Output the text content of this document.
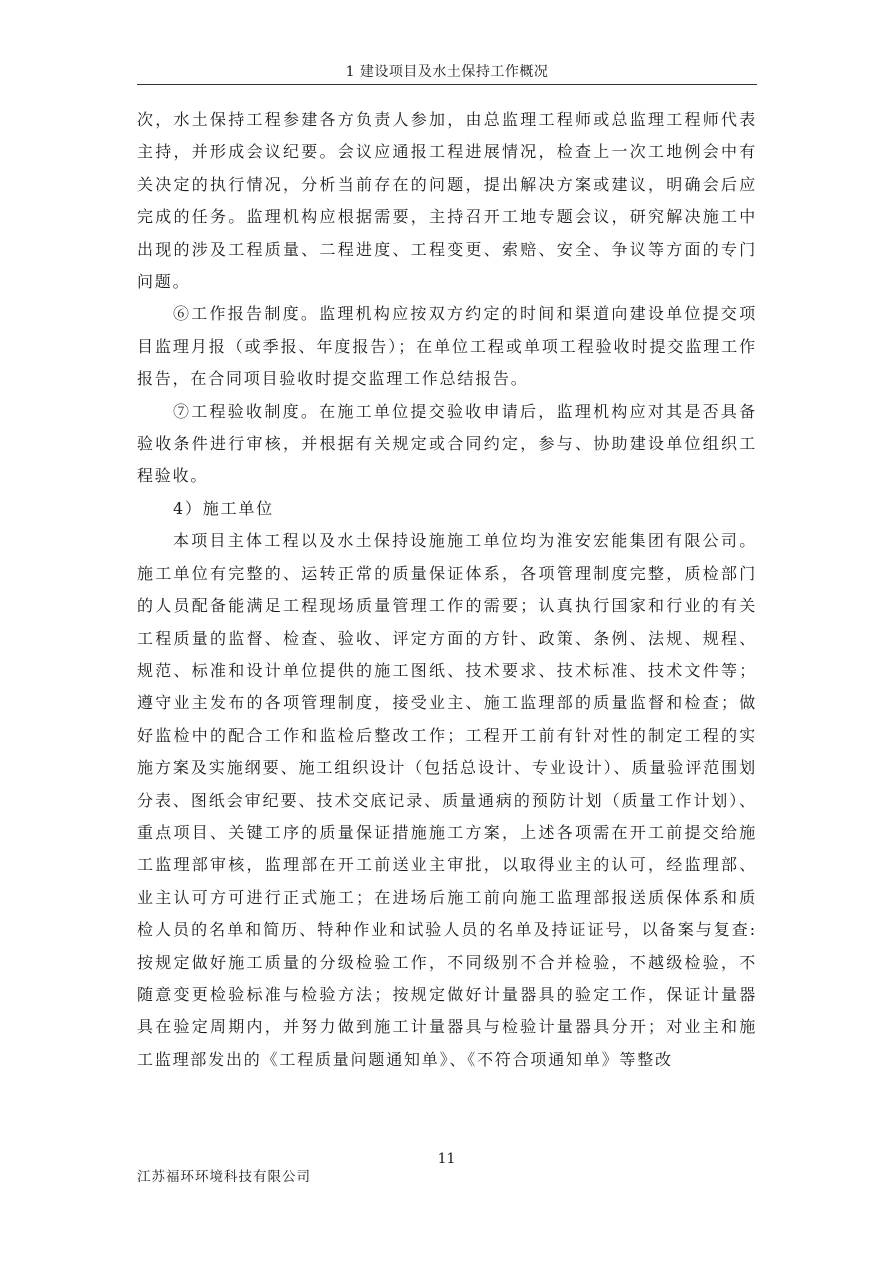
1 建设项目及水土保持工作概况

次，水土保持工程参建各方负责人参加，由总监理工程师或总监理工程师代表主持，并形成会议纪要。会议应通报工程进展情况，检查上一次工地例会中有关决定的执行情况，分析当前存在的问题，提出解决方案或建议，明确会后应完成的任务。监理机构应根据需要，主持召开工地专题会议，研究解决施工中出现的涉及工程质量、二程进度、工程变更、索赔、安全、争议等方面的专门问题。

⑥工作报告制度。监理机构应按双方约定的时间和渠道向建设单位提交项目监理月报（或季报、年度报告）；在单位工程或单项工程验收时提交监理工作报告，在合同项目验收时提交监理工作总结报告。

⑦工程验收制度。在施工单位提交验收申请后，监理机构应对其是否具备验收条件进行审核，并根据有关规定或合同约定，参与、协助建设单位组织工程验收。

4）施工单位

本项目主体工程以及水土保持设施施工单位均为淮安宏能集团有限公司。施工单位有完整的、运转正常的质量保证体系，各项管理制度完整，质检部门的人员配备能满足工程现场质量管理工作的需要；认真执行国家和行业的有关工程质量的监督、检查、验收、评定方面的方针、政策、条例、法规、规程、规范、标准和设计单位提供的施工图纸、技术要求、技术标准、技术文件等；遵守业主发布的各项管理制度，接受业主、施工监理部的质量监督和检查；做好监检中的配合工作和监检后整改工作；工程开工前有针对性的制定工程的实施方案及实施纲要、施工组织设计（包括总设计、专业设计）、质量验评范围划分表、图纸会审纪要、技术交底记录、质量通病的预防计划（质量工作计划）、重点项目、关键工序的质量保证措施施工方案，上述各项需在开工前提交给施工监理部审核，监理部在开工前送业主审批，以取得业主的认可，经监理部、业主认可方可进行正式施工；在进场后施工前向施工监理部报送质保体系和质检人员的名单和简历、特种作业和试验人员的名单及持证证号，以备案与复查:按规定做好施工质量的分级检验工作，不同级别不合并检验，不越级检验，不随意变更检验标准与检验方法；按规定做好计量器具的验定工作，保证计量器具在验定周期内，并努力做到施工计量器具与检验计量器具分开；对业主和施工监理部发出的《工程质量问题通知单》、《不符合项通知单》等整改

11
江苏福环环境科技有限公司
